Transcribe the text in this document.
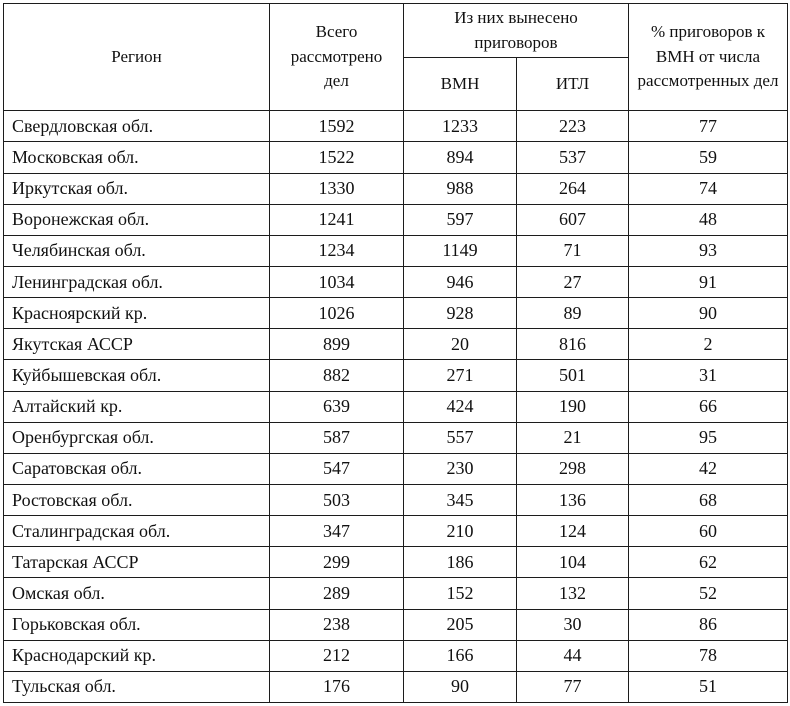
Регион	Всего рассмотрено дел	Из них вынесено приговоров		% приговоров к ВМН от числа рассмотренных дел
		ВМН	ИТЛ	
Свердловская обл.	1592	1233	223	77
Московская обл.	1522	894	537	59
Иркутская обл.	1330	988	264	74
Воронежская обл.	1241	597	607	48
Челябинская обл.	1234	1149	71	93
Ленинградская обл.	1034	946	27	91
Красноярский кр.	1026	928	89	90
Якутская АССР	899	20	816	2
Куйбышевская обл.	882	271	501	31
Алтайский кр.	639	424	190	66
Оренбургская обл.	587	557	21	95
Саратовская обл.	547	230	298	42
Ростовская обл.	503	345	136	68
Сталинградская обл.	347	210	124	60
Татарская АССР	299	186	104	62
Омская обл.	289	152	132	52
Горьковская обл.	238	205	30	86
Краснодарский кр.	212	166	44	78
Тульская обл.	176	90	77	51
